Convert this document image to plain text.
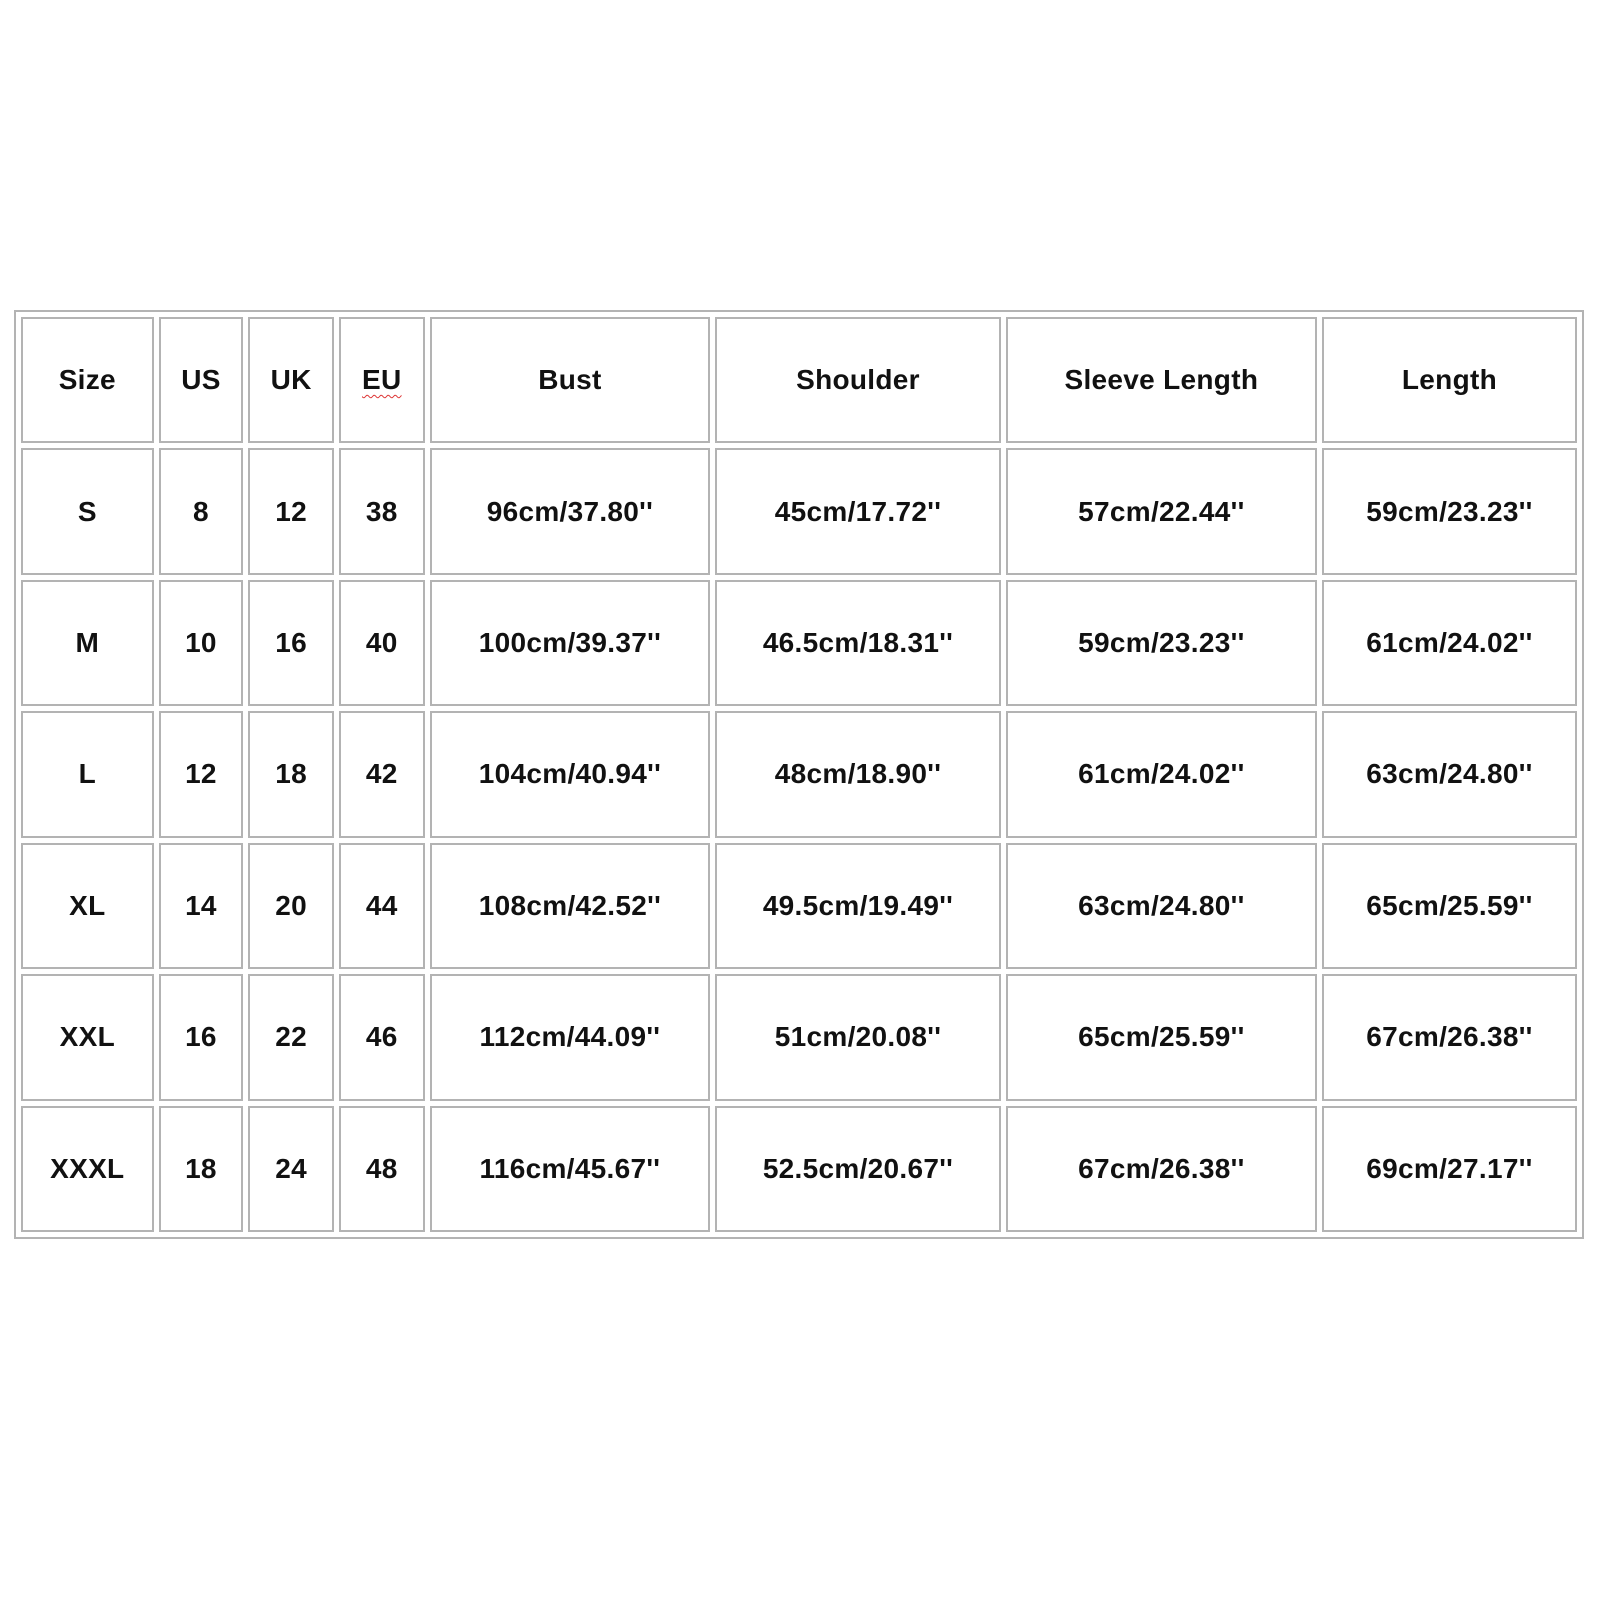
Size	US	UK	EU	Bust	Shoulder	Sleeve Length	Length
S	8	12	38	96cm/37.80''	45cm/17.72''	57cm/22.44''	59cm/23.23''
M	10	16	40	100cm/39.37''	46.5cm/18.31''	59cm/23.23''	61cm/24.02''
L	12	18	42	104cm/40.94''	48cm/18.90''	61cm/24.02''	63cm/24.80''
XL	14	20	44	108cm/42.52''	49.5cm/19.49''	63cm/24.80''	65cm/25.59''
XXL	16	22	46	112cm/44.09''	51cm/20.08''	65cm/25.59''	67cm/26.38''
XXXL	18	24	48	116cm/45.67''	52.5cm/20.67''	67cm/26.38''	69cm/27.17''
